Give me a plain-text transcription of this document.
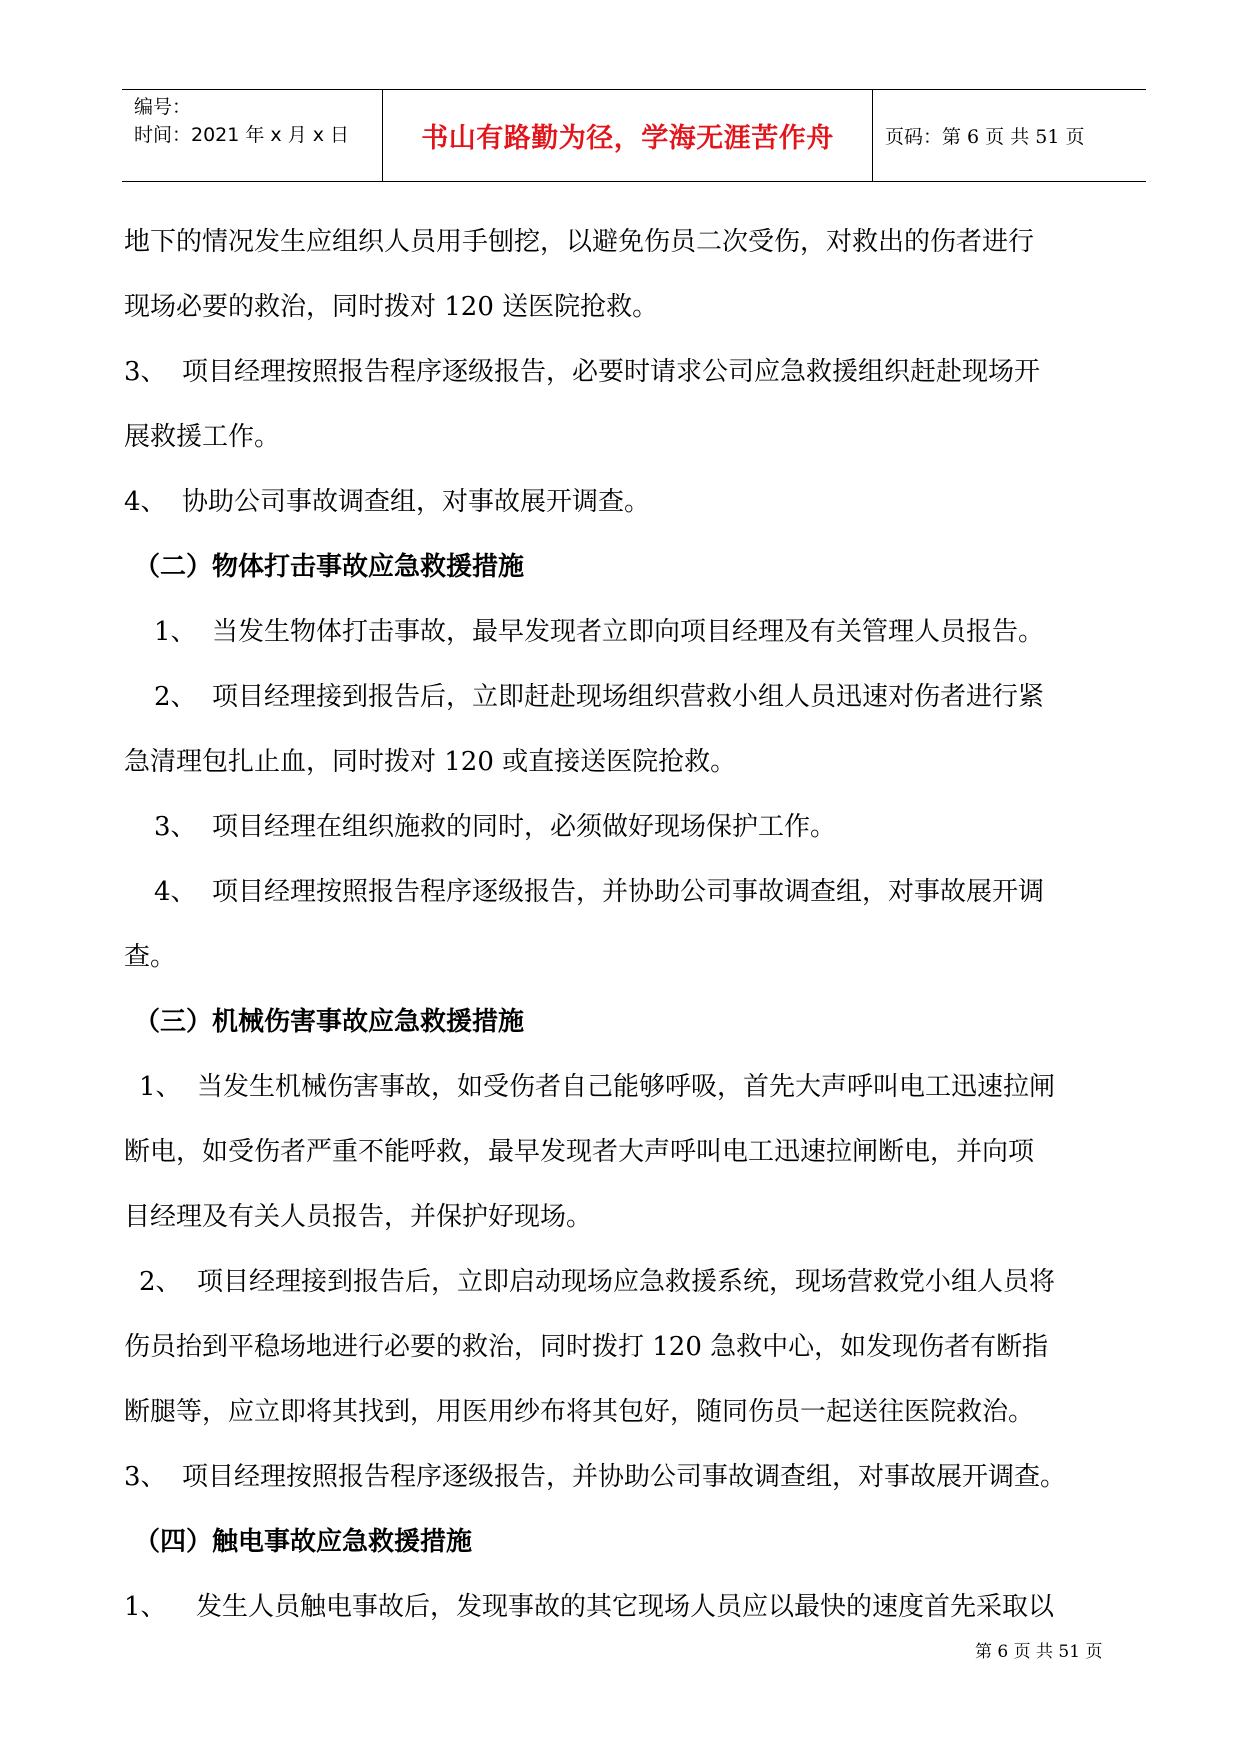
编号：
时间：2021 年 x 月 x 日	书山有路勤为径，学海无涯苦作舟	页码：第 6 页 共 51 页

地下的情况发生应组织人员用手刨挖，以避免伤员二次受伤，对救出的伤者进行

现场必要的救治，同时拨对 120 送医院抢救。

3、 项目经理按照报告程序逐级报告，必要时请求公司应急救援组织赶赴现场开

展救援工作。

4、 协助公司事故调查组，对事故展开调查。

（二）物体打击事故应急救援措施

1、 当发生物体打击事故，最早发现者立即向项目经理及有关管理人员报告。

2、 项目经理接到报告后，立即赶赴现场组织营救小组人员迅速对伤者进行紧

急清理包扎止血，同时拨对 120 或直接送医院抢救。

3、 项目经理在组织施救的同时，必须做好现场保护工作。

4、 项目经理按照报告程序逐级报告，并协助公司事故调查组，对事故展开调

查。

（三）机械伤害事故应急救援措施

1、 当发生机械伤害事故，如受伤者自己能够呼吸，首先大声呼叫电工迅速拉闸

断电，如受伤者严重不能呼救，最早发现者大声呼叫电工迅速拉闸断电，并向项

目经理及有关人员报告，并保护好现场。

2、 项目经理接到报告后，立即启动现场应急救援系统，现场营救党小组人员将

伤员抬到平稳场地进行必要的救治，同时拨打 120 急救中心，如发现伤者有断指

断腿等，应立即将其找到，用医用纱布将其包好，随同伤员一起送往医院救治。

3、 项目经理按照报告程序逐级报告，并协助公司事故调查组，对事故展开调查。

（四）触电事故应急救援措施

1、 发生人员触电事故后，发现事故的其它现场人员应以最快的速度首先采取以

第 6 页 共 51 页
